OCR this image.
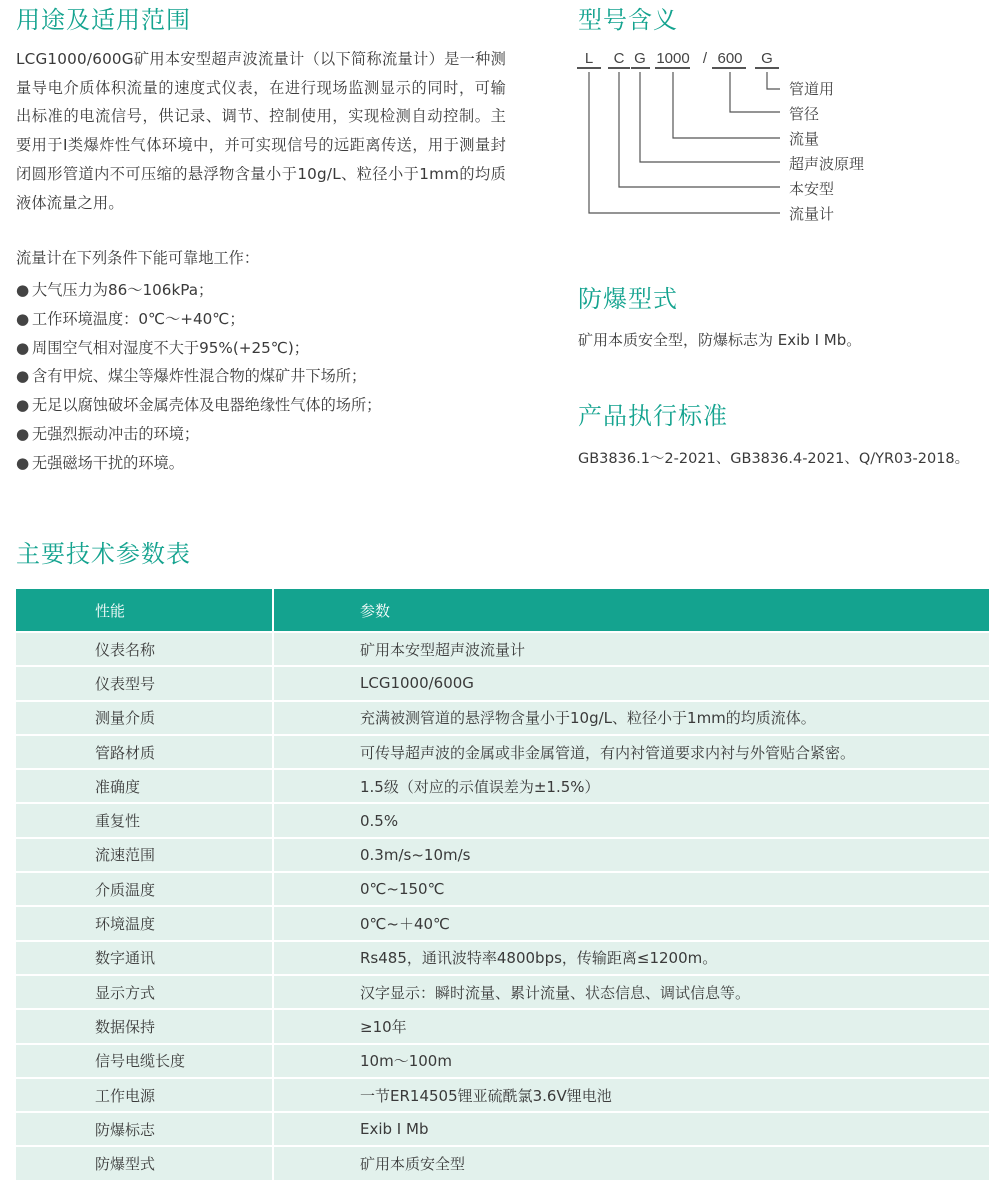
用途及适用范围

LCG1000/600G矿用本安型超声波流量计（以下简称流量计）是一种测量导电介质体积流量的速度式仪表，在进行现场监测显示的同时，可输出标准的电流信号，供记录、调节、控制使用，实现检测自动控制。主要用于Ⅰ类爆炸性气体环境中，并可实现信号的远距离传送，用于测量封闭圆形管道内不可压缩的悬浮物含量小于10g/L、粒径小于1mm的均质液体流量之用。

流量计在下列条件下能可靠地工作：

● 大气压力为86～106kPa；
● 工作环境温度：0℃～+40℃；
● 周围空气相对湿度不大于95%(+25℃)；
● 含有甲烷、煤尘等爆炸性混合物的煤矿井下场所；
● 无足以腐蚀破坏金属壳体及电器绝缘性气体的场所；
● 无强烈振动冲击的环境；
● 无强磁场干扰的环境。
型号含义
L C G 1000 / 600 G
管道用
管径
流量
超声波原理
本安型
流量计
防爆型式

矿用本质安全型，防爆标志为 Exib I Mb。

产品执行标准

GB3836.1～2-2021、GB3836.4-2021、Q/YR03-2018。

主要技术参数表
性能	参数
仪表名称	矿用本安型超声波流量计
仪表型号	LCG1000/600G
测量介质	充满被测管道的悬浮物含量小于10g/L、粒径小于1mm的均质流体。
管路材质	可传导超声波的金属或非金属管道，有内衬管道要求内衬与外管贴合紧密。
准确度	1.5级（对应的示值误差为±1.5%）
重复性	0.5%
流速范围	0.3m/s~10m/s
介质温度	0℃~150℃
环境温度	0℃~＋40℃
数字通讯	Rs485，通讯波特率4800bps，传输距离≤1200m。
显示方式	汉字显示：瞬时流量、累计流量、状态信息、调试信息等。
数据保持	≥10年
信号电缆长度	10m～100m
工作电源	一节ER14505锂亚硫酰氯3.6V锂电池
防爆标志	Exib I Mb
防爆型式	矿用本质安全型
